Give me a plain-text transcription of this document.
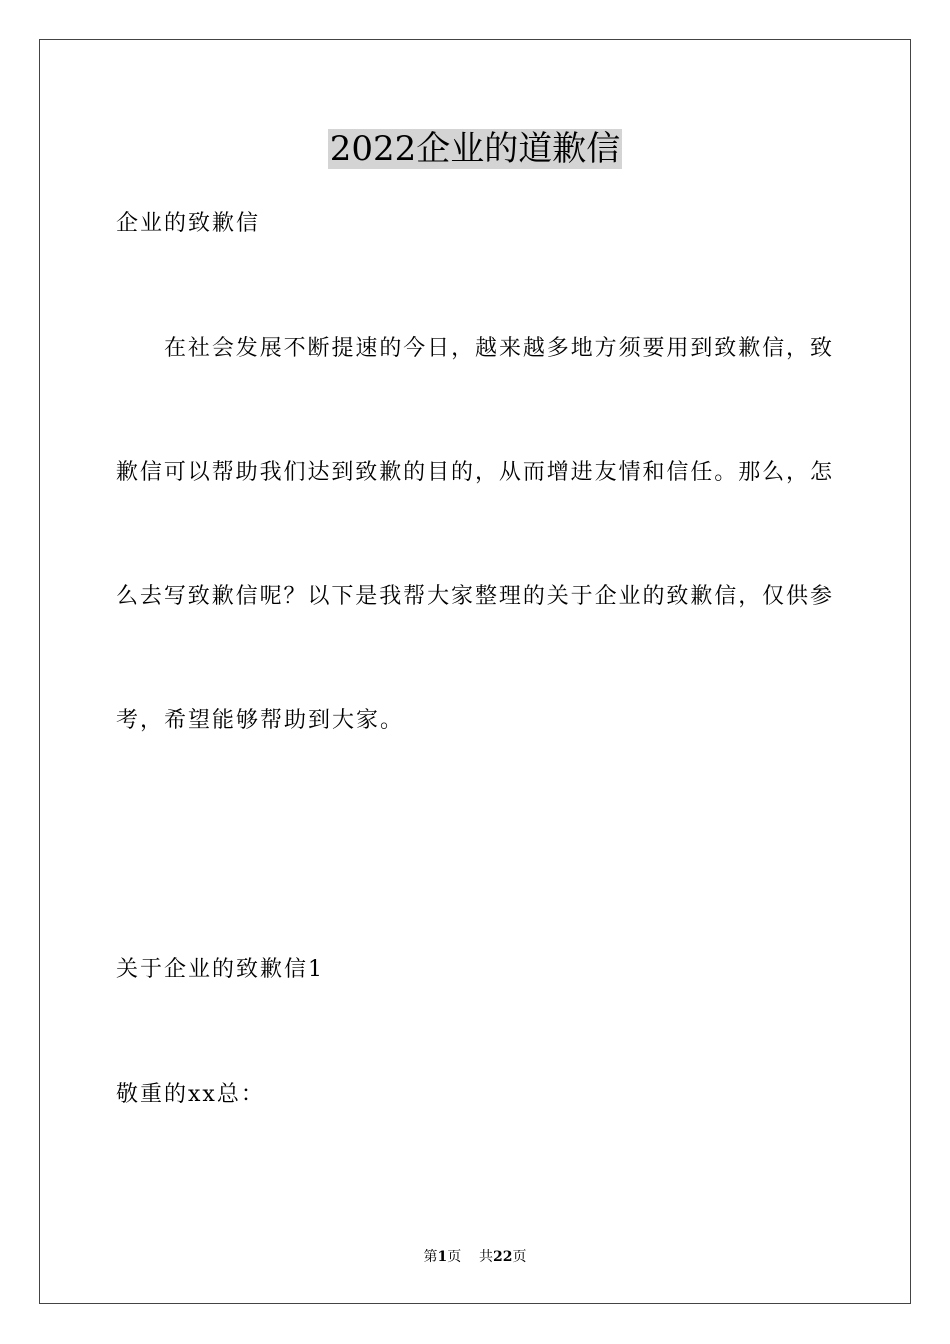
2022企业的道歉信
企业的致歉信
在社会发展不断提速的今日，越来越多地方须要用到致歉信，致
歉信可以帮助我们达到致歉的目的，从而增进友情和信任。那么，怎
么去写致歉信呢？以下是我帮大家整理的关于企业的致歉信，仅供参
考，希望能够帮助到大家。
关于企业的致歉信1
敬重的xx总：
第1页 共22页
